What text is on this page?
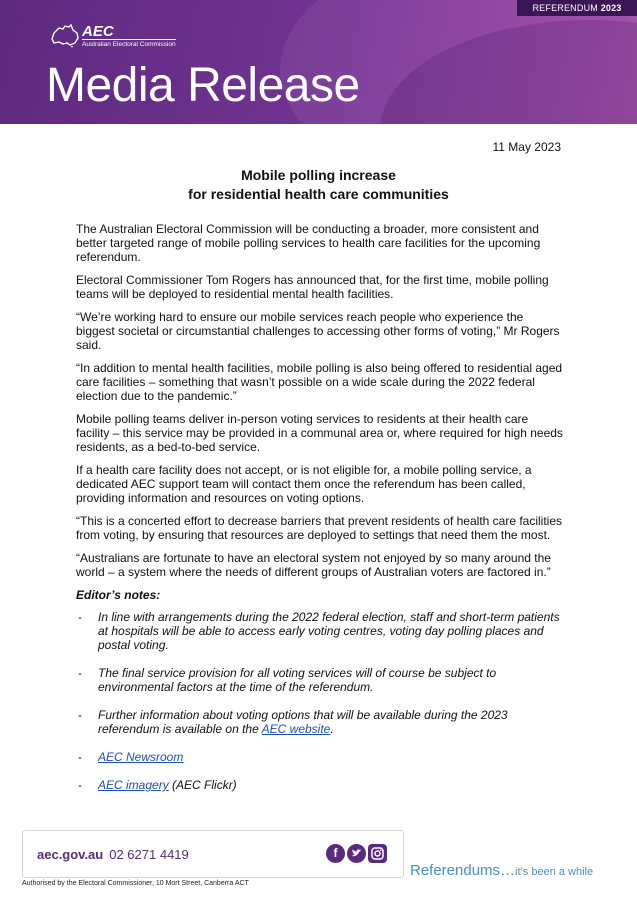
REFERENDUM 2023
AEC
Australian Electoral Commission
Media Release
11 May 2023
Mobile polling increase
for residential health care communities

The Australian Electoral Commission will be conducting a broader, more consistent and better targeted range of mobile polling services to health care facilities for the upcoming referendum.

Electoral Commissioner Tom Rogers has announced that, for the first time, mobile polling teams will be deployed to residential mental health facilities.

“We’re working hard to ensure our mobile services reach people who experience the biggest societal or circumstantial challenges to accessing other forms of voting,” Mr Rogers said.

“In addition to mental health facilities, mobile polling is also being offered to residential aged care facilities – something that wasn’t possible on a wide scale during the 2022 federal election due to the pandemic.”

Mobile polling teams deliver in-person voting services to residents at their health care facility – this service may be provided in a communal area or, where required for high needs residents, as a bed-to-bed service.

If a health care facility does not accept, or is not eligible for, a mobile polling service, a dedicated AEC support team will contact them once the referendum has been called, providing information and resources on voting options.

“This is a concerted effort to decrease barriers that prevent residents of health care facilities from voting, by ensuring that resources are deployed to settings that need them the most.

“Australians are fortunate to have an electoral system not enjoyed by so many around the world – a system where the needs of different groups of Australian voters are factored in.”

Editor’s notes:
- In line with arrangements during the 2022 federal election, staff and short-term patients at hospitals will be able to access early voting centres, voting day polling places and postal voting.
- The final service provision for all voting services will of course be subject to environmental factors at the time of the referendum.
- Further information about voting options that will be available during the 2023 referendum is available on the AEC website.
- AEC Newsroom
- AEC imagery (AEC Flickr)
aec.gov.au 02 6271 4419	f
Referendums…it’s been a while
Authorised by the Electoral Commissioner, 10 Mort Street, Canberra ACT
